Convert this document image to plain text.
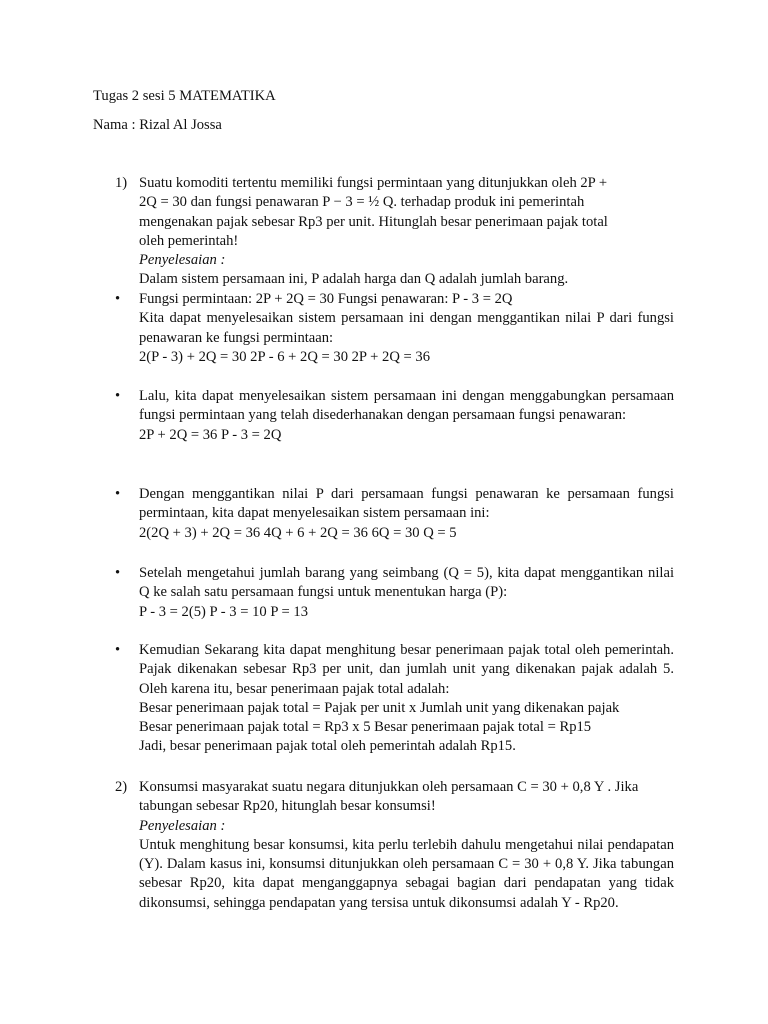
Tugas 2 sesi 5 MATEMATIKA

Nama : Rizal Al Jossa

1) Suatu komoditi tertentu memiliki fungsi permintaan yang ditunjukkan oleh 2P +

2Q = 30 dan fungsi penawaran P − 3 = ½ Q. terhadap produk ini pemerintah

mengenakan pajak sebesar Rp3 per unit. Hitunglah besar penerimaan pajak total

oleh pemerintah!

Penyelesaian :

Dalam sistem persamaan ini, P adalah harga dan Q adalah jumlah barang.

• Fungsi permintaan: 2P + 2Q = 30 Fungsi penawaran: P - 3 = 2Q

Kita dapat menyelesaikan sistem persamaan ini dengan menggantikan nilai P dari fungsi penawaran ke fungsi permintaan:

2(P - 3) + 2Q = 30 2P - 6 + 2Q = 30 2P + 2Q = 36

• Lalu, kita dapat menyelesaikan sistem persamaan ini dengan menggabungkan persamaan fungsi permintaan yang telah disederhanakan dengan persamaan fungsi penawaran:

2P + 2Q = 36 P - 3 = 2Q

• Dengan menggantikan nilai P dari persamaan fungsi penawaran ke persamaan fungsi permintaan, kita dapat menyelesaikan sistem persamaan ini:

2(2Q + 3) + 2Q = 36 4Q + 6 + 2Q = 36 6Q = 30 Q = 5

• Setelah mengetahui jumlah barang yang seimbang (Q = 5), kita dapat menggantikan nilai Q ke salah satu persamaan fungsi untuk menentukan harga (P):

P - 3 = 2(5) P - 3 = 10 P = 13

• Kemudian Sekarang kita dapat menghitung besar penerimaan pajak total oleh pemerintah. Pajak dikenakan sebesar Rp3 per unit, dan jumlah unit yang dikenakan pajak adalah 5. Oleh karena itu, besar penerimaan pajak total adalah:

Besar penerimaan pajak total = Pajak per unit x Jumlah unit yang dikenakan pajak

Besar penerimaan pajak total = Rp3 x 5 Besar penerimaan pajak total = Rp15

Jadi, besar penerimaan pajak total oleh pemerintah adalah Rp15.

2) Konsumsi masyarakat suatu negara ditunjukkan oleh persamaan C = 30 + 0,8 Y . Jika

tabungan sebesar Rp20, hitunglah besar konsumsi!

Penyelesaian :

Untuk menghitung besar konsumsi, kita perlu terlebih dahulu mengetahui nilai pendapatan (Y). Dalam kasus ini, konsumsi ditunjukkan oleh persamaan C = 30 + 0,8 Y. Jika tabungan sebesar Rp20, kita dapat menganggapnya sebagai bagian dari pendapatan yang tidak dikonsumsi, sehingga pendapatan yang tersisa untuk dikonsumsi adalah Y - Rp20.
